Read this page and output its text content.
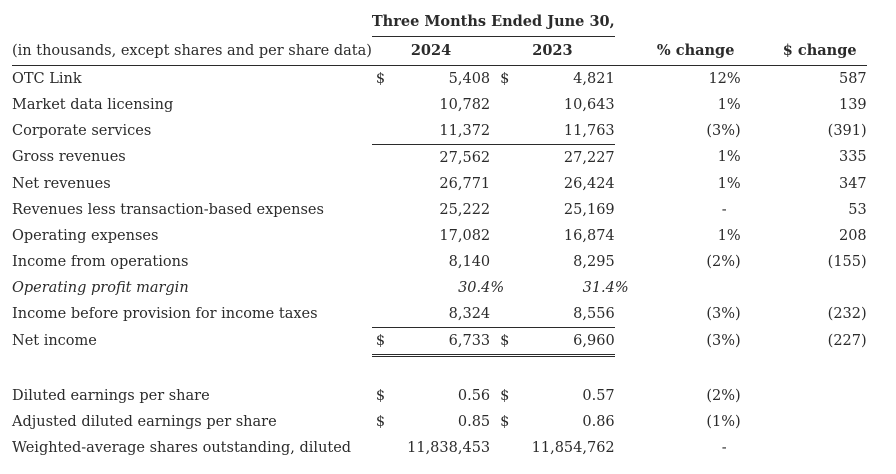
	Three Months Ended June 30,		
(in thousands, except shares and per share data)	2024	2023	% change	$ change
OTC Link	$	5,408	$	4,821	12%	587
Market data licensing		10,782		10,643	1%	139
Corporate services		11,372		11,763	(3%)	(391)
Gross revenues		27,562		27,227	1%	335
Net revenues		26,771		26,424	1%	347
Revenues less transaction-based expenses		25,222		25,169	-	53
Operating expenses		17,082		16,874	1%	208
Income from operations		8,140		8,295	(2%)	(155)
Operating profit margin		30.4%		31.4%		
Income before provision for income taxes		8,324		8,556	(3%)	(232)
Net income	$	6,733	$	6,960	(3%)	(227)

Diluted earnings per share	$	0.56	$	0.57	(2%)	
Adjusted diluted earnings per share	$	0.85	$	0.86	(1%)	
Weighted-average shares outstanding, diluted		11,838,453		11,854,762	-	
